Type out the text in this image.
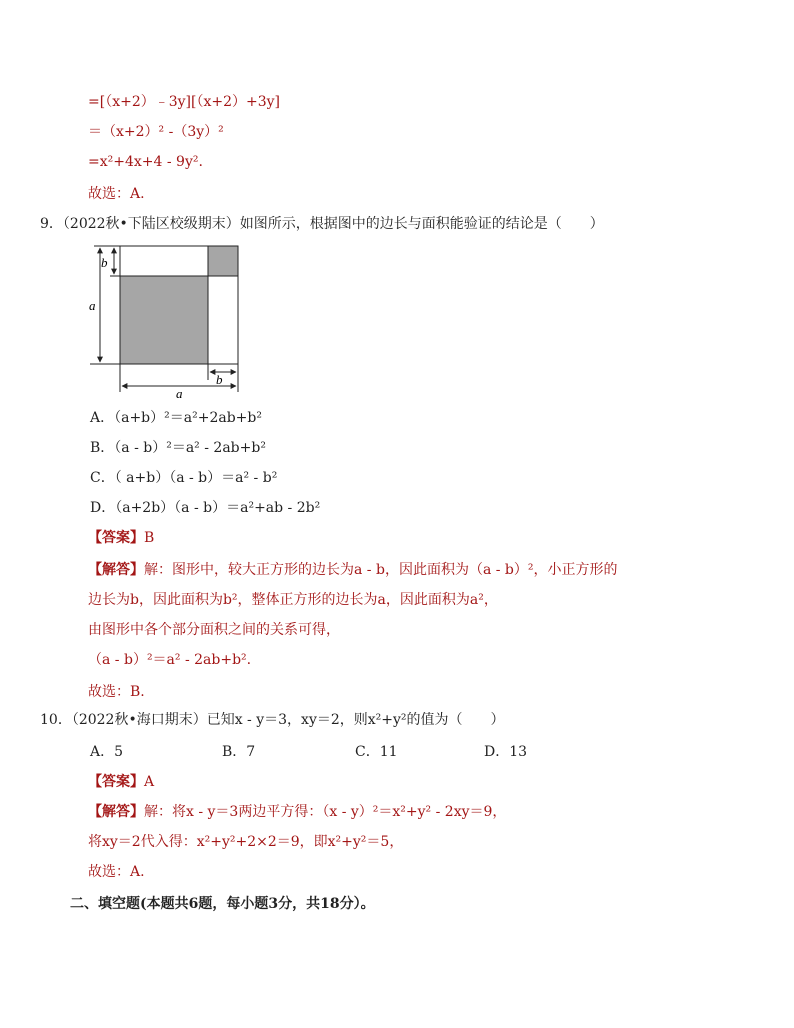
=[（x+2）﹣3y][（x+2）+3y]
＝（x+2）² -（3y）²
=x²+4x+4 - 9y².
故选：A.
9．（2022秋•下陆区校级期末）如图所示，根据图中的边长与面积能验证的结论是（　　）
a
b
a
b
A．（a+b）²＝a²+2ab+b²
B．（a - b）²＝a² - 2ab+b²
C．（ a+b）（a - b）＝a² - b²
D．（a+2b）（a - b）＝a²+ab - 2b²
【答案】B
【解答】解：图形中，较大正方形的边长为a - b，因此面积为（a - b）²，小正方形的
边长为b，因此面积为b²，整体正方形的边长为a，因此面积为a²，
由图形中各个部分面积之间的关系可得，
（a - b）²＝a² - 2ab+b².
故选：B.
10．（2022秋•海口期末）已知x - y＝3，xy＝2，则x²+y²的值为（　　）
A．5	B．7	C．11	D．13
【答案】A
【解答】解：将x - y＝3两边平方得：（x - y）²＝x²+y² - 2xy＝9，
将xy＝2代入得：x²+y²+2×2＝9，即x²+y²＝5，
故选：A.
二、填空题(本题共6题，每小题3分，共18分）。
